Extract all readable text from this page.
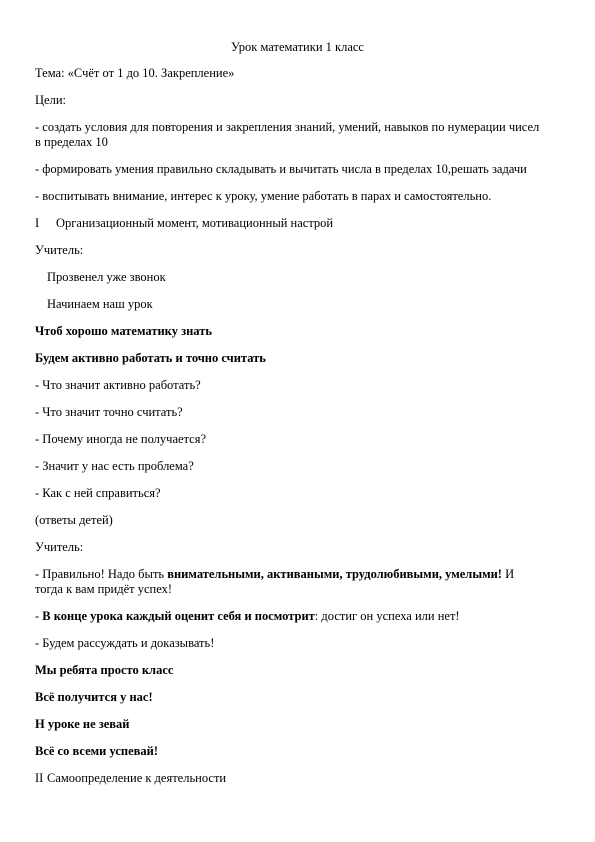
Урок математики 1 класс
Тема: «Счёт от 1 до 10. Закрепление»
Цели:
- создать условия для повторения и закрепления знаний, умений, навыков по нумерации чисел в пределах 10
- формировать умения правильно складывать и вычитать числа в пределах 10,решать задачи
- воспитывать внимание, интерес к уроку, умение работать в парах и самостоятельно.
I	Организационный момент, мотивационный настрой
Учитель:
Прозвенел уже звонок
Начинаем наш урок
Чтоб хорошо математику знать
Будем активно работать и точно считать
- Что значит активно работать?
- Что значит точно считать?
- Почему иногда не получается?
- Значит у нас есть проблема?
- Как с ней справиться?
(ответы детей)
Учитель:
- Правильно! Надо быть внимательными, активаными, трудолюбивыми, умелыми! И тогда к вам придёт успех!
- В конце урока каждый оценит себя и посмотрит: достиг он успеха или нет!
- Будем рассуждать и доказывать!
Мы ребята просто класс
Всё получится у нас!
Н уроке не зевай
Всё со всеми успевай!
II Самоопределение к деятельности
